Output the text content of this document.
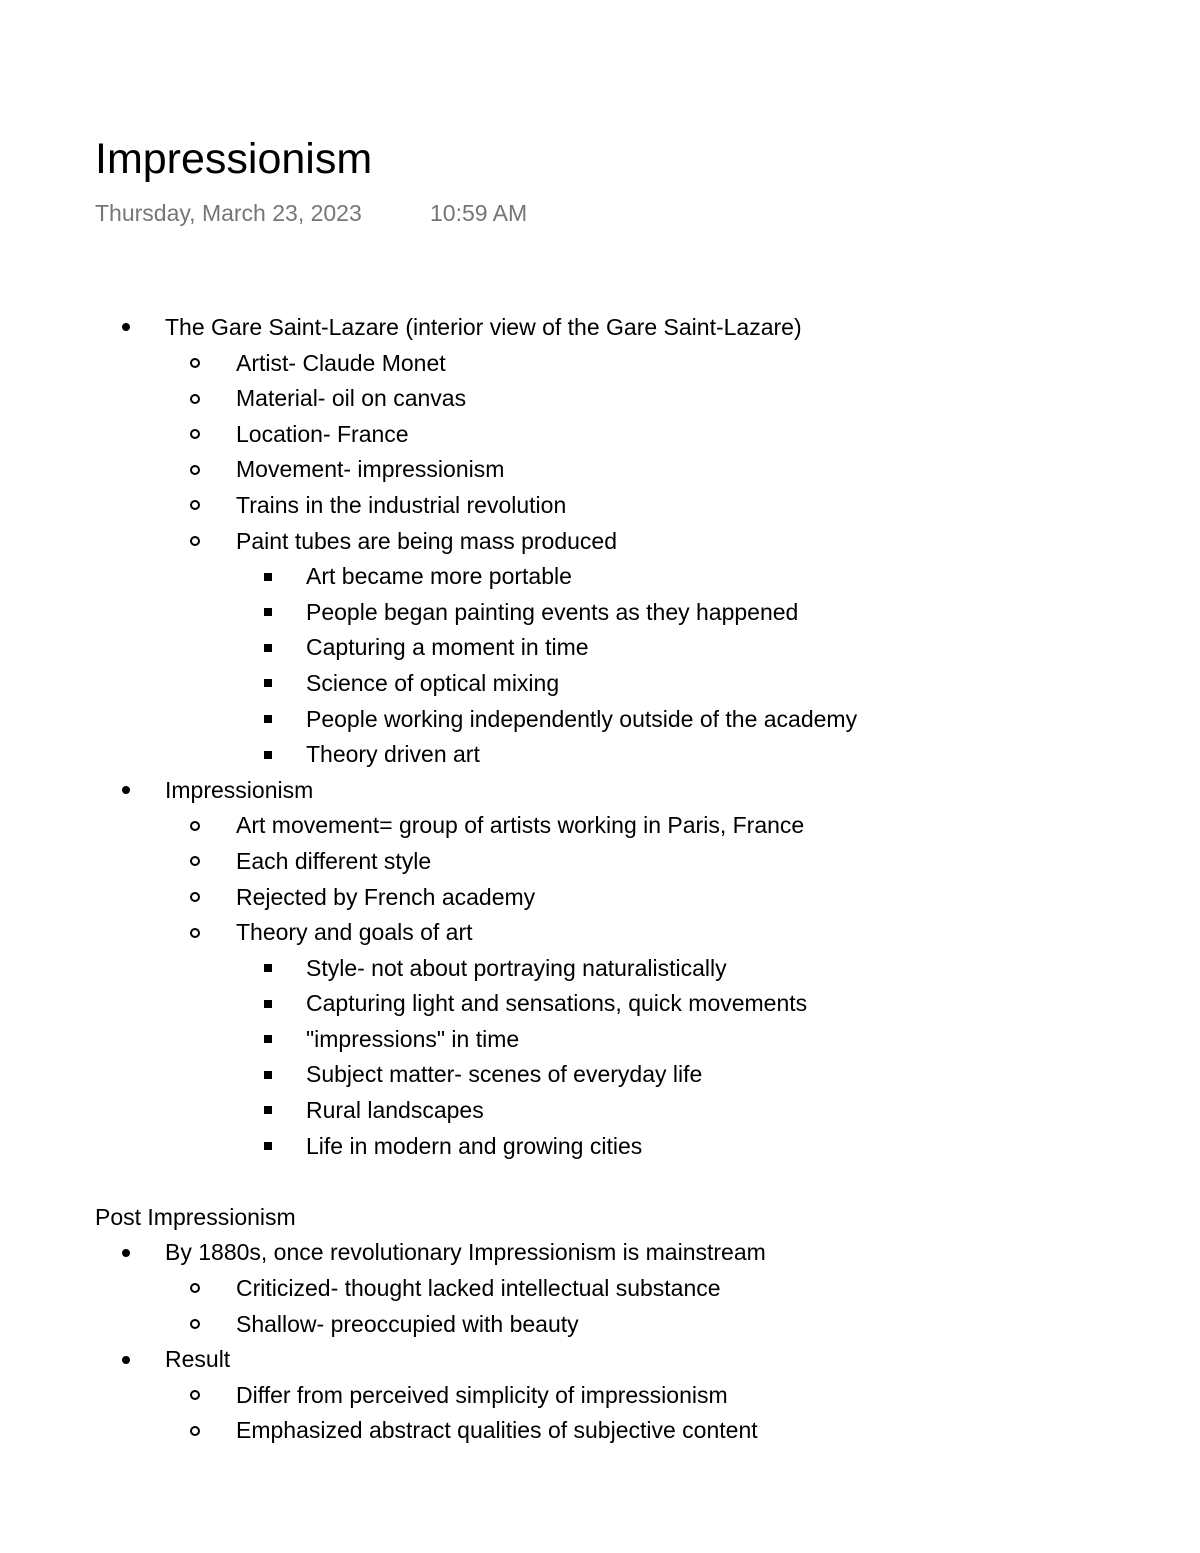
Impressionism
Thursday, March 23, 2023	10:59 AM
The Gare Saint-Lazare (interior view of the Gare Saint-Lazare)
Artist- Claude Monet
Material- oil on canvas
Location- France
Movement- impressionism
Trains in the industrial revolution
Paint tubes are being mass produced
Art became more portable
People began painting events as they happened
Capturing a moment in time
Science of optical mixing
People working independently outside of the academy
Theory driven art
Impressionism
Art movement= group of artists working in Paris, France
Each different style
Rejected by French academy
Theory and goals of art
Style- not about portraying naturalistically
Capturing light and sensations, quick movements
"impressions" in time
Subject matter- scenes of everyday life
Rural landscapes
Life in modern and growing cities
Post Impressionism
By 1880s, once revolutionary Impressionism is mainstream
Criticized- thought lacked intellectual substance
Shallow- preoccupied with beauty
Result
Differ from perceived simplicity of impressionism
Emphasized abstract qualities of subjective content
